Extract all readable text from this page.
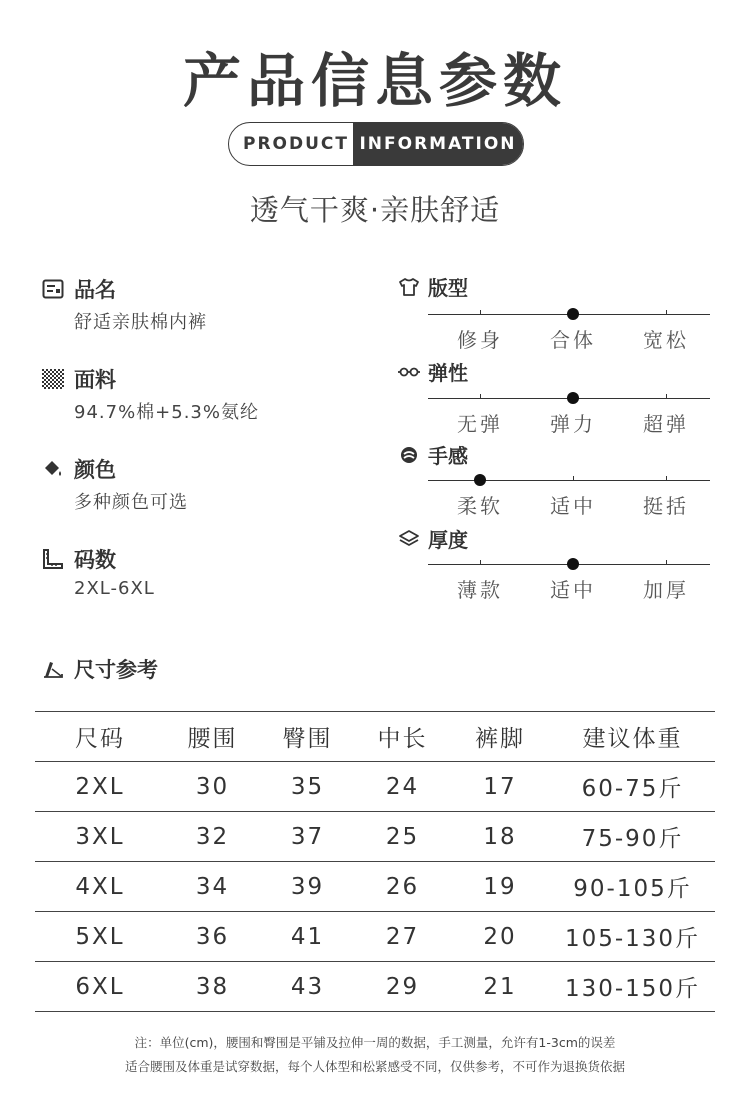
产品信息参数
PRODUCT INFORMATION
透气干爽·亲肤舒适
品名
舒适亲肤棉内裤
面料
94.7%棉+5.3%氨纶
颜色
多种颜色可选
码数
2XL-6XL
版型
修身	合体	宽松
弹性
无弹	弹力	超弹
手感
柔软	适中	挺括
厚度
薄款	适中	加厚
尺寸参考
尺码	腰围	臀围	中长	裤脚	建议体重
2XL	30	35	24	17	60-75斤
3XL	32	37	25	18	75-90斤
4XL	34	39	26	19	90-105斤
5XL	36	41	27	20	105-130斤
6XL	38	43	29	21	130-150斤
注：单位(cm)，腰围和臀围是平铺及拉伸一周的数据，手工测量，允许有1-3cm的误差
适合腰围及体重是试穿数据，每个人体型和松紧感受不同，仅供参考，不可作为退换货依据
